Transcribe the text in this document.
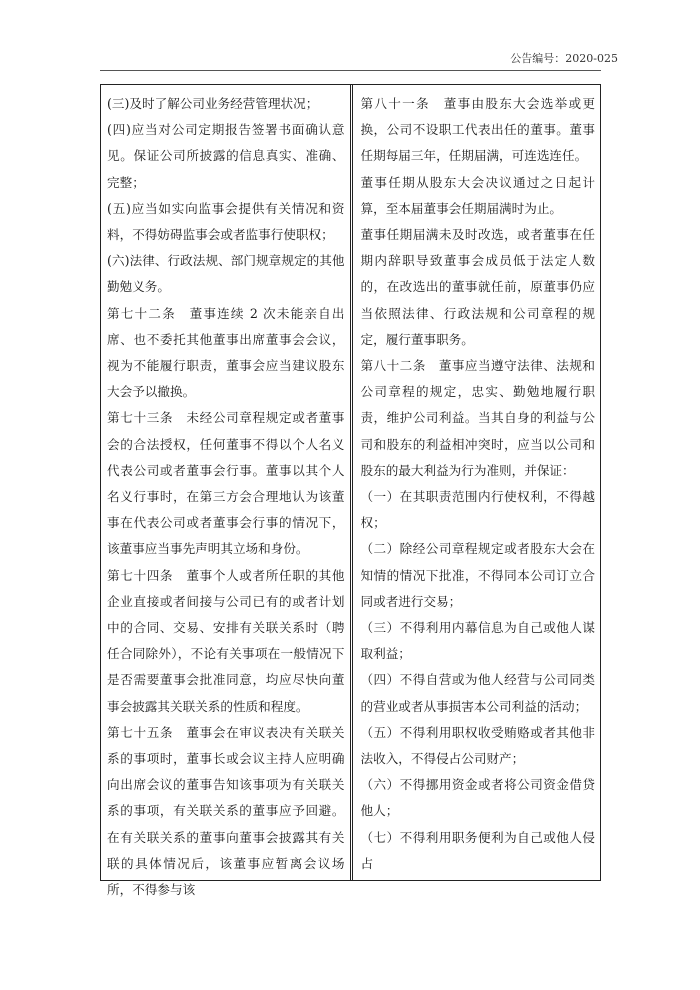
公告编号：2020-025

(三)及时了解公司业务经营管理状况；

(四)应当对公司定期报告签署书面确认意见。保证公司所披露的信息真实、准确、完整；

(五)应当如实向监事会提供有关情况和资料，不得妨碍监事会或者监事行使职权；

(六)法律、行政法规、部门规章规定的其他勤勉义务。

第七十二条　董事连续 2 次未能亲自出席、也不委托其他董事出席董事会会议，视为不能履行职责，董事会应当建议股东大会予以撤换。

第七十三条　未经公司章程规定或者董事会的合法授权，任何董事不得以个人名义代表公司或者董事会行事。董事以其个人名义行事时，在第三方会合理地认为该董事在代表公司或者董事会行事的情况下，该董事应当事先声明其立场和身份。

第七十四条　董事个人或者所任职的其他企业直接或者间接与公司已有的或者计划中的合同、交易、安排有关联关系时（聘任合同除外），不论有关事项在一般情况下是否需要董事会批准同意，均应尽快向董事会披露其关联关系的性质和程度。

第七十五条　董事会在审议表决有关联关系的事项时，董事长或会议主持人应明确向出席会议的董事告知该事项为有关联关系的事项，有关联关系的董事应予回避。在有关联关系的董事向董事会披露其有关联的具体情况后，该董事应暂离会议场所，不得参与该

第八十一条　董事由股东大会选举或更换，公司不设职工代表出任的董事。董事任期每届三年，任期届满，可连选连任。

董事任期从股东大会决议通过之日起计算，至本届董事会任期届满时为止。

董事任期届满未及时改选，或者董事在任期内辞职导致董事会成员低于法定人数的，在改选出的董事就任前，原董事仍应当依照法律、行政法规和公司章程的规定，履行董事职务。

第八十二条　董事应当遵守法律、法规和公司章程的规定，忠实、勤勉地履行职责，维护公司利益。当其自身的利益与公司和股东的利益相冲突时，应当以公司和股东的最大利益为行为准则，并保证：

（一）在其职责范围内行使权利，不得越权；

（二）除经公司章程规定或者股东大会在知情的情况下批准，不得同本公司订立合同或者进行交易；

（三）不得利用内幕信息为自己或他人谋取利益；

（四）不得自营或为他人经营与公司同类的营业或者从事损害本公司利益的活动；

（五）不得利用职权收受贿赂或者其他非法收入，不得侵占公司财产；

（六）不得挪用资金或者将公司资金借贷他人；

（七）不得利用职务便利为自己或他人侵占
